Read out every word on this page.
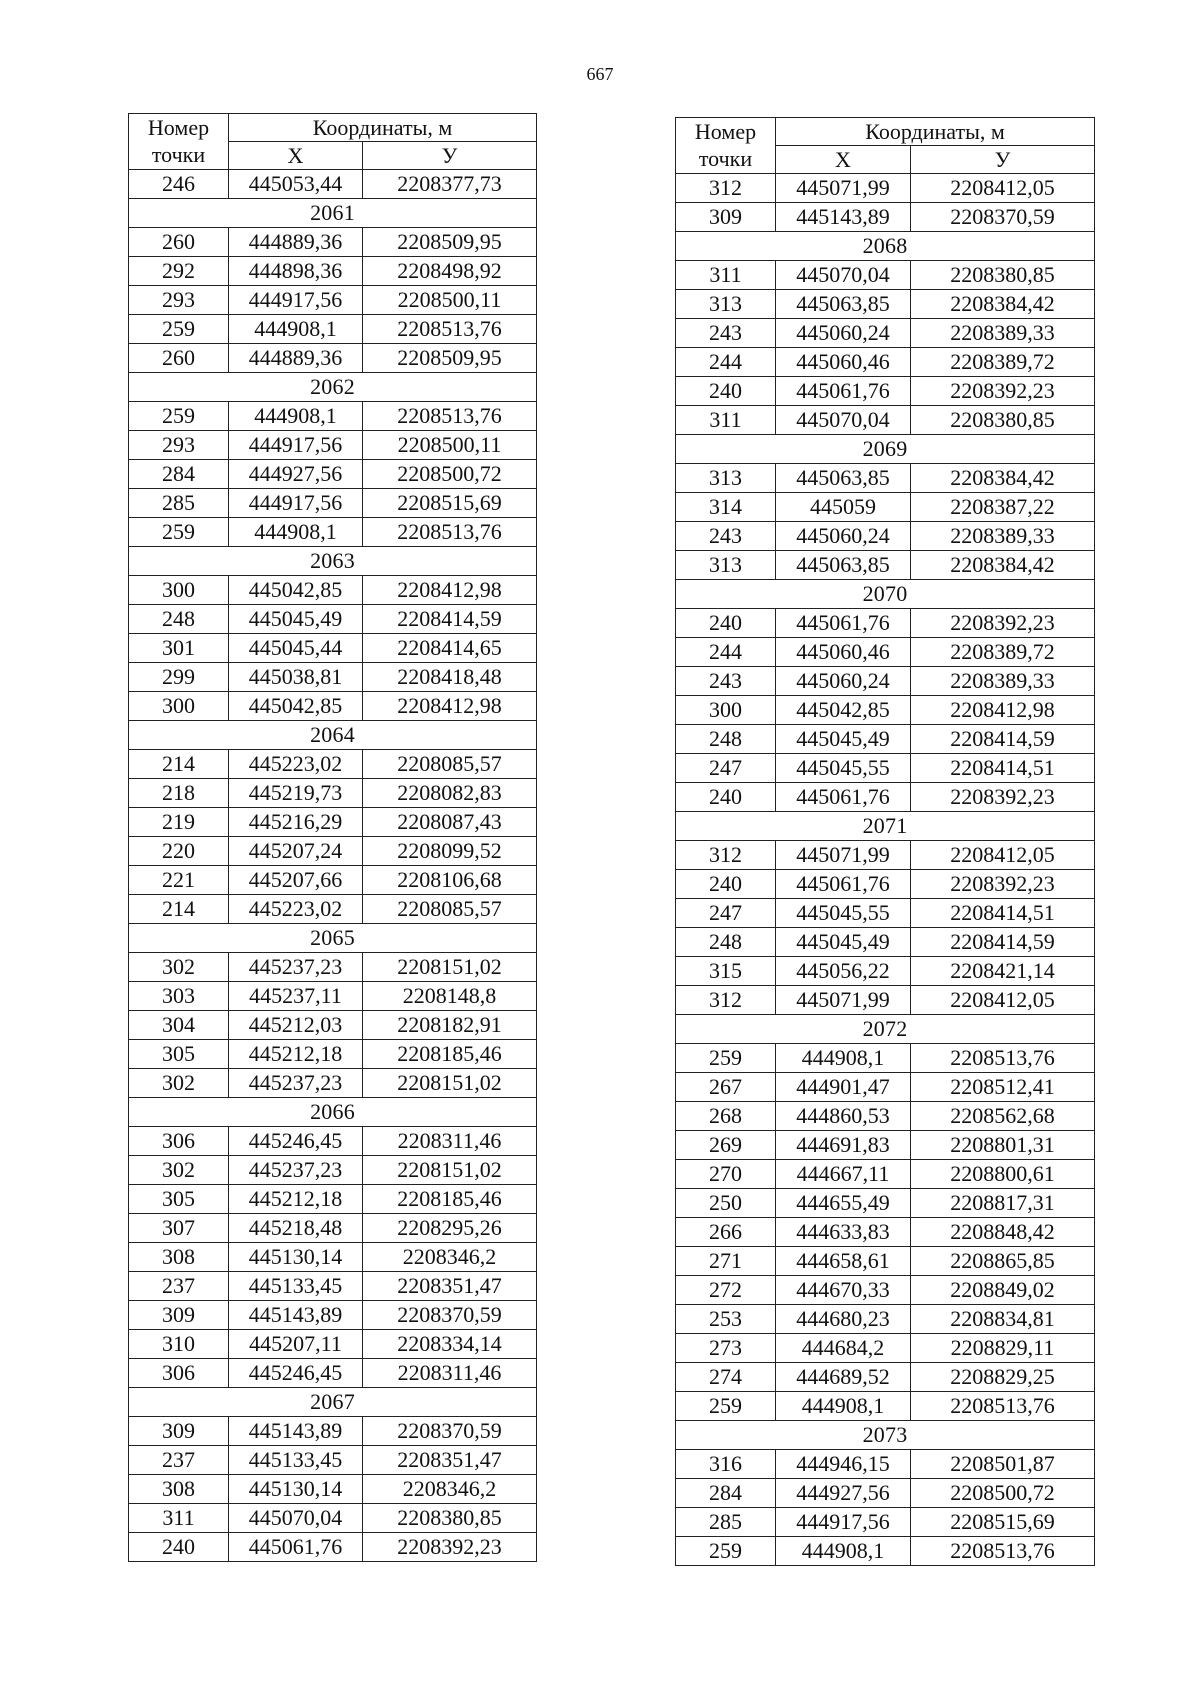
667
Номер	Координаты, м	
точки	X	У
246	445053,44	2208377,73
2061		
260	444889,36	2208509,95
292	444898,36	2208498,92
293	444917,56	2208500,11
259	444908,1	2208513,76
260	444889,36	2208509,95
2062		
259	444908,1	2208513,76
293	444917,56	2208500,11
284	444927,56	2208500,72
285	444917,56	2208515,69
259	444908,1	2208513,76
2063		
300	445042,85	2208412,98
248	445045,49	2208414,59
301	445045,44	2208414,65
299	445038,81	2208418,48
300	445042,85	2208412,98
2064		
214	445223,02	2208085,57
218	445219,73	2208082,83
219	445216,29	2208087,43
220	445207,24	2208099,52
221	445207,66	2208106,68
214	445223,02	2208085,57
2065		
302	445237,23	2208151,02
303	445237,11	2208148,8
304	445212,03	2208182,91
305	445212,18	2208185,46
302	445237,23	2208151,02
2066		
306	445246,45	2208311,46
302	445237,23	2208151,02
305	445212,18	2208185,46
307	445218,48	2208295,26
308	445130,14	2208346,2
237	445133,45	2208351,47
309	445143,89	2208370,59
310	445207,11	2208334,14
306	445246,45	2208311,46
2067		
309	445143,89	2208370,59
237	445133,45	2208351,47
308	445130,14	2208346,2
311	445070,04	2208380,85
240	445061,76	2208392,23
Номер	Координаты, м	
точки	X	У
312	445071,99	2208412,05
309	445143,89	2208370,59
2068		
311	445070,04	2208380,85
313	445063,85	2208384,42
243	445060,24	2208389,33
244	445060,46	2208389,72
240	445061,76	2208392,23
311	445070,04	2208380,85
2069		
313	445063,85	2208384,42
314	445059	2208387,22
243	445060,24	2208389,33
313	445063,85	2208384,42
2070		
240	445061,76	2208392,23
244	445060,46	2208389,72
243	445060,24	2208389,33
300	445042,85	2208412,98
248	445045,49	2208414,59
247	445045,55	2208414,51
240	445061,76	2208392,23
2071		
312	445071,99	2208412,05
240	445061,76	2208392,23
247	445045,55	2208414,51
248	445045,49	2208414,59
315	445056,22	2208421,14
312	445071,99	2208412,05
2072		
259	444908,1	2208513,76
267	444901,47	2208512,41
268	444860,53	2208562,68
269	444691,83	2208801,31
270	444667,11	2208800,61
250	444655,49	2208817,31
266	444633,83	2208848,42
271	444658,61	2208865,85
272	444670,33	2208849,02
253	444680,23	2208834,81
273	444684,2	2208829,11
274	444689,52	2208829,25
259	444908,1	2208513,76
2073		
316	444946,15	2208501,87
284	444927,56	2208500,72
285	444917,56	2208515,69
259	444908,1	2208513,76
